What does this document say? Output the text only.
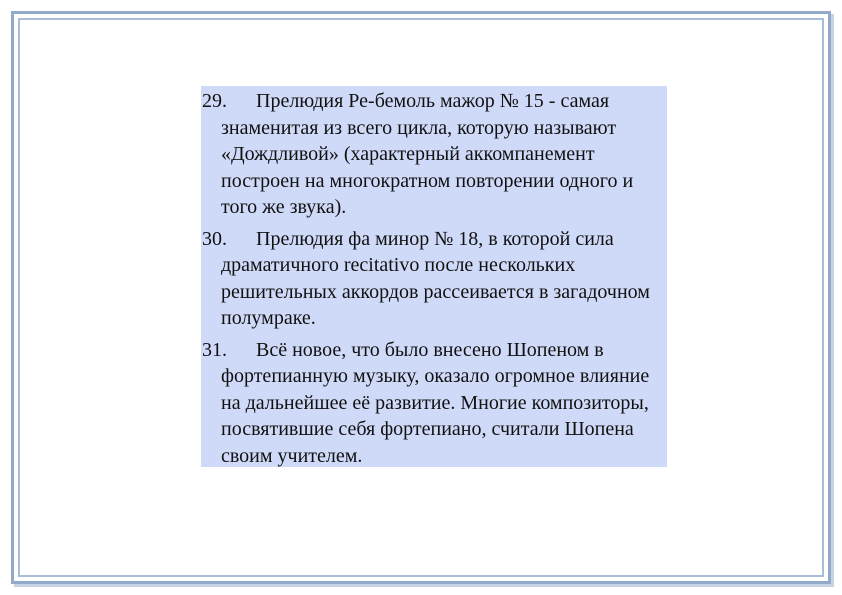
29. Прелюдия Ре-бемоль мажор № 15 - самая знаменитая из всего цикла, которую называют «Дождливой» (характерный аккомпанемент построен на многократном повторении одного и того же звука).
30. Прелюдия фа минор № 18, в которой сила драматичного recitativo после нескольких решительных аккордов рассеивается в загадочном полумраке.
31. Всё новое, что было внесено Шопеном в фортепианную музыку, оказало огромное влияние на дальнейшее её развитие. Многие композиторы, посвятившие себя фортепиано, считали Шопена своим учителем.
